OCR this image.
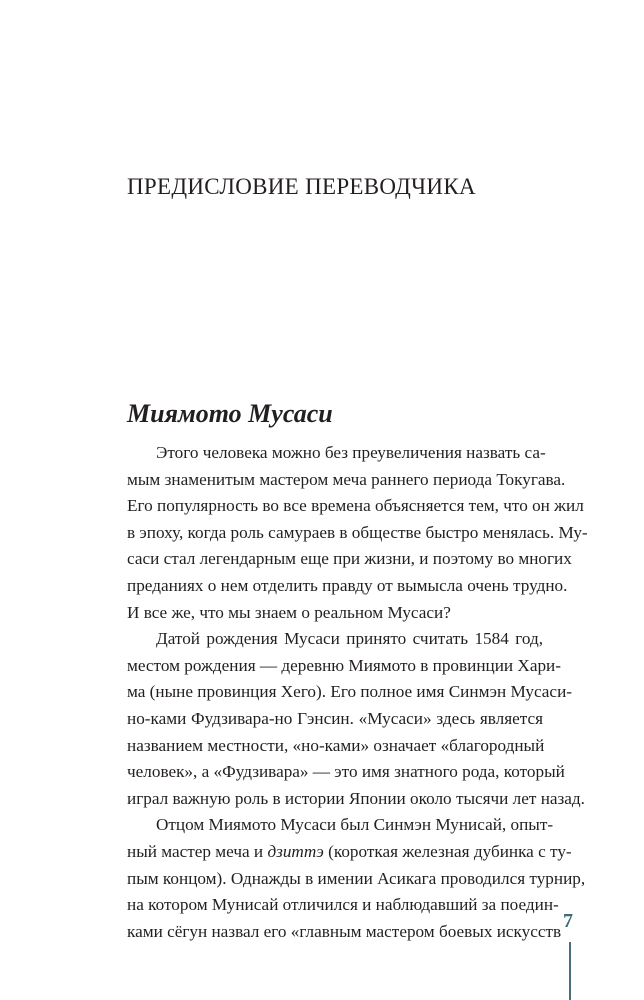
ПРЕДИСЛОВИЕ ПЕРЕВОДЧИКА
Миямото Мусаси
Этого человека можно без преувеличения назвать са-
мым знаменитым мастером меча раннего периода Токугава.
Его популярность во все времена объясняется тем, что он жил
в эпоху, когда роль самураев в обществе быстро менялась. Му-
саси стал легендарным еще при жизни, и поэтому во многих
преданиях о нем отделить правду от вымысла очень трудно.
И все же, что мы знаем о реальном Мусаси?
Датой рождения Мусаси принято считать 1584 год,
местом рождения — деревню Миямото в провинции Хари-
ма (ныне провинция Хего). Его полное имя Синмэн Мусаси-
но-ками Фудзивара-но Гэнсин. «Мусаси» здесь является
названием местности, «но-ками» означает «благородный
человек», а «Фудзивара» — это имя знатного рода, который
играл важную роль в истории Японии около тысячи лет назад.
Отцом Миямото Мусаси был Синмэн Мунисай, опыт-
ный мастер меча и дзиттэ
(короткая железная дубинка с ту-
пым концом). Однажды в имении Асикага проводился турнир,
на котором Мунисай отличился и наблюдавший за поедин-
ками сёгун назвал его «главным мастером боевых искусств 7
